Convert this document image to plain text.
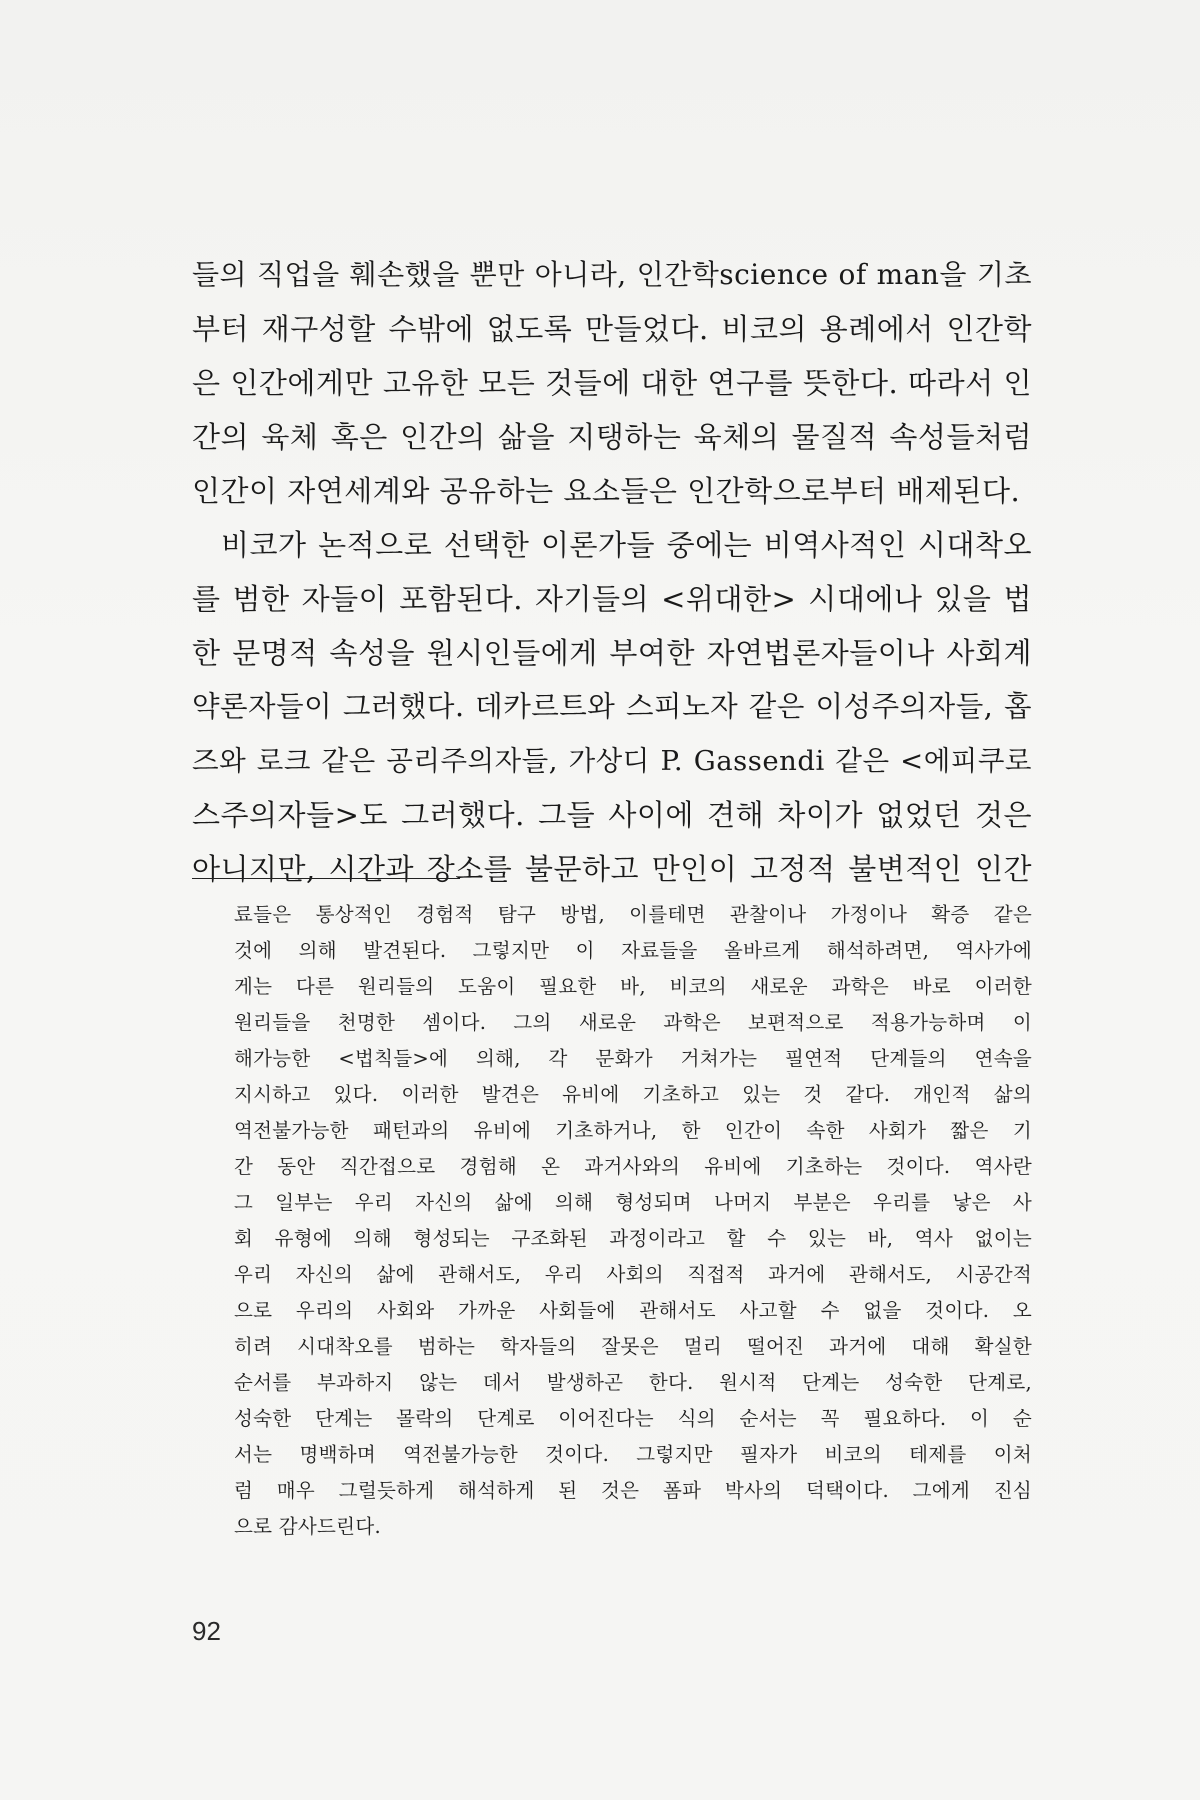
들의 직업을 훼손했을 뿐만 아니라, 인간학science of man을 기초
부터 재구성할 수밖에 없도록 만들었다. 비코의 용례에서 인간학
은 인간에게만 고유한 모든 것들에 대한 연구를 뜻한다. 따라서 인
간의 육체 혹은 인간의 삶을 지탱하는 육체의 물질적 속성들처럼
인간이 자연세계와 공유하는 요소들은 인간학으로부터 배제된다.
비코가 논적으로 선택한 이론가들 중에는 비역사적인 시대착오
를 범한 자들이 포함된다. 자기들의 <위대한> 시대에나 있을 법
한 문명적 속성을 원시인들에게 부여한 자연법론자들이나 사회계
약론자들이 그러했다. 데카르트와 스피노자 같은 이성주의자들, 홉
즈와 로크 같은 공리주의자들, 가상디 P. Gassendi 같은 <에피쿠로
스주의자들>도 그러했다. 그들 사이에 견해 차이가 없었던 것은
아니지만, 시간과 장소를 불문하고 만인이 고정적 불변적인 인간
료들은 통상적인 경험적 탐구 방법, 이를테면 관찰이나 가정이나 확증 같은
것에 의해 발견된다. 그렇지만 이 자료들을 올바르게 해석하려면, 역사가에
게는 다른 원리들의 도움이 필요한 바, 비코의 새로운 과학은 바로 이러한
원리들을 천명한 셈이다. 그의 새로운 과학은 보편적으로 적용가능하며 이
해가능한 <법칙들>에 의해, 각 문화가 거쳐가는 필연적 단계들의 연속을
지시하고 있다. 이러한 발견은 유비에 기초하고 있는 것 같다. 개인적 삶의
역전불가능한 패턴과의 유비에 기초하거나, 한 인간이 속한 사회가 짧은 기
간 동안 직간접으로 경험해 온 과거사와의 유비에 기초하는 것이다. 역사란
그 일부는 우리 자신의 삶에 의해 형성되며 나머지 부분은 우리를 낳은 사
회 유형에 의해 형성되는 구조화된 과정이라고 할 수 있는 바, 역사 없이는
우리 자신의 삶에 관해서도, 우리 사회의 직접적 과거에 관해서도, 시공간적
으로 우리의 사회와 가까운 사회들에 관해서도 사고할 수 없을 것이다. 오
히려 시대착오를 범하는 학자들의 잘못은 멀리 떨어진 과거에 대해 확실한
순서를 부과하지 않는 데서 발생하곤 한다. 원시적 단계는 성숙한 단계로,
성숙한 단계는 몰락의 단계로 이어진다는 식의 순서는 꼭 필요하다. 이 순
서는 명백하며 역전불가능한 것이다. 그렇지만 필자가 비코의 테제를 이처
럼 매우 그럴듯하게 해석하게 된 것은 폼파 박사의 덕택이다. 그에게 진심
으로 감사드린다.
92
